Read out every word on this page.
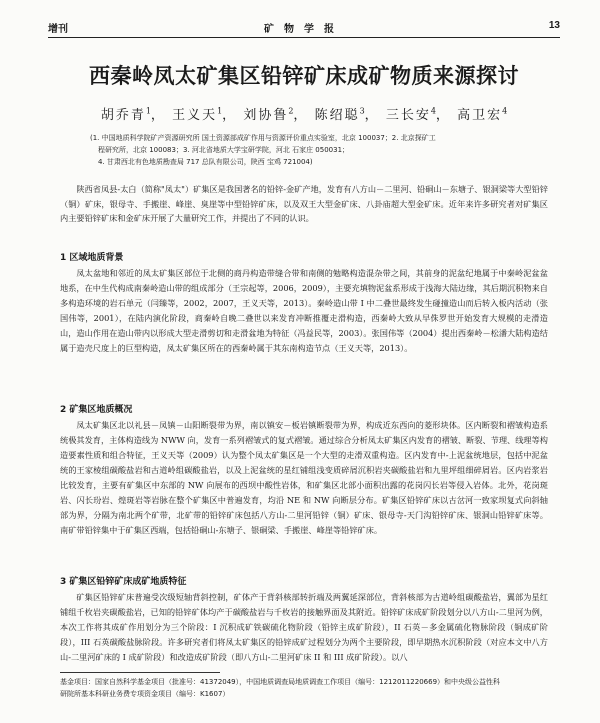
增刊	矿物学报	13
西秦岭凤太矿集区铅锌矿床成矿物质来源探讨
胡乔青$^1$， 王义天$^1$， 刘协鲁$^2$， 陈绍聪$^3$， 三长安$^4$， 高卫宏$^4$
(1. 中国地质科学院矿产资源研究所 国土资源部成矿作用与资源评价重点实验室，北京 100037；2. 北京探矿工
程研究所，北京 100083；3. 河北省地质大学宝研学院，河北 石家庄 050031；
4. 甘肃西北有色地质勘查局 717 总队有限公司，陕西 宝鸡 721004)
陕西省凤县-太白（简称"凤太"）矿集区是我国著名的铅锌-金矿产地，发育有八方山－二里河、铅硐山－东塘子、银洞梁等大型铅锌（铜）矿床，银母寺、手搬崖、峰崖、臭崖等中型铅锌矿床，以及双王大型金矿床、八卦庙超大型金矿床。近年来许多研究者对矿集区内主要铅锌矿床和金矿床开展了大量研究工作，并提出了不同的认识。
1 区域地质背景
凤太盆地和邻近的凤太矿集区部位于北侧的商丹构造带缝合带和南侧的勉略构造混杂带之间，其前身的泥盆纪地属于中秦岭泥盆盆地系，在中生代构成南秦岭造山带的组成部分（王宗起等，2006，2009），主要充填物泥盆系形成于浅海大陆边缘，其后期沉积物来自多构造环境的岩石单元（闫臻等，2002，2007，王义天等，2013）。秦岭造山带 I 中二叠世最终发生碰撞造山而后转入板内活动（张国伟等，2001），在陆内演化阶段，商秦岭自晚二叠世以来发育冲断推覆走滑构造，西秦岭大致从早侏罗世开始发育大规模的走滑造山，造山作用在造山带内以形成大型走滑剪切和走滑盆地为特征（冯益民等，2003）。张国伟等（2004）提出西秦岭－松潘大陆构造结属于造壳尺度上的巨型构造，凤太矿集区所在的西秦岭属于其东南构造节点（王义天等，2013）。
2 矿集区地质概况
凤太矿集区北以礼县－凤镇－山阳断裂带为界，南以镇安－板岩镇断裂带为界，构成近东西向的菱形块体。区内断裂和褶皱构造系统极其发育，主体构造线为 NWW 向，发育一系列褶皱式的复式褶皱。通过综合分析凤太矿集区内发育的褶皱、断裂、节理、线理等构造要素性质和组合特征，王义天等（2009）认为整个凤太矿集区是一个大型的走滑双重构造。区内发育中-上泥盆统地层，包括中泥盆统的王家棱组碳酸盐岩和古道岭组碳酸盐岩，以及上泥盆统的星红铺组浅变质碎屑沉积岩夹碳酸盐岩和九里坪组细碎屑岩。区内岩浆岩比较发育，主要有矿集区中东部的 NW 向展布的西坝中酸性岩体，和矿集区北部小面积出露的花岗闪长岩等侵入岩体。北外，花岗斑岩、闪长玢岩、煌斑岩等岩脉在整个矿集区中普遍发育，均沿 NE 和 NW 向断层分布。矿集区铅锌矿床以古岔河一致家坝复式向斜轴部为界，分隔为南北两个矿带，北矿带的铅锌矿床包括八方山-二里河铅锌（铜）矿床、银母寺-天门沟铅锌矿床、银洞山铅锌矿床等。南矿带铅锌集中于矿集区西端，包括铅硐山-东塘子、银硐梁、手搬崖、峰崖等铅锌矿床。
3 矿集区铅锌矿床成矿地质特征
矿集区铅锌矿床普遍受次级短轴背斜控制，矿体产于背斜核部转折端及两翼延深部位，背斜核部为古道岭组碳酸盐岩，翼部为星红铺组千枚岩夹碳酸盐岩，已知的铅锌矿体均产于碳酸盐岩与千枚岩的接触界面及其附近。铅锌矿床成矿阶段划分以八方山-二里河为例，本次工作将其成矿作用划分为三个阶段：I 沉积成矿铁碳硫化物阶段（铅锌主成矿阶段），II 石英－多金属硫化物脉阶段（铜成矿阶段），III 石英碳酸盐脉阶段。许多研究者们将凤太矿集区的铅锌成矿过程划分为两个主要阶段，即早期热水沉积阶段（对应本文中八方山-二里河矿床的 I 成矿阶段）和改造成矿阶段（即八方山-二里河矿床 II 和 III 成矿阶段）。以八
基金项目：国家自然科学基金项目（批准号：41372049），中国地质调查局地质调查工作项目（编号：1212011220669）和中央级公益性科
研院所基本科研业务费专项资金项目（编号：K1607）
